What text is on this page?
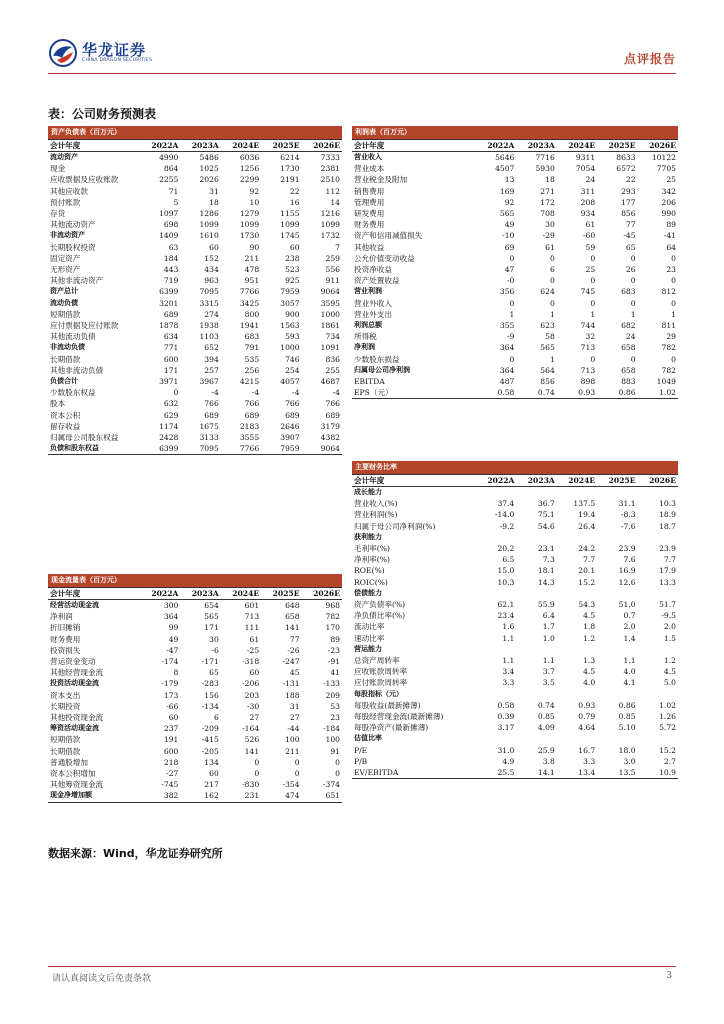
华龙证券
CHINA DRAGON SECURITIES	点评报告
表：公司财务预测表
资产负债表（百万元）
会计年度	2022A	2023A	2024E	2025E	2026E
流动资产	4990	5486	6036	6214	7333
现金	864	1025	1256	1730	2381
应收票据及应收账款	2255	2026	2299	2191	2510
其他应收款	71	31	92	22	112
预付账款	5	18	10	16	14
存货	1097	1286	1279	1155	1216
其他流动资产	698	1099	1099	1099	1099
非流动资产	1409	1610	1730	1745	1732
长期股权投资	63	60	90	60	7
固定资产	184	152	211	238	259
无形资产	443	434	478	523	556
其他非流动资产	719	963	951	925	911
资产总计	6399	7095	7766	7959	9064
流动负债	3201	3315	3425	3057	3595
短期借款	689	274	800	900	1000
应付票据及应付账款	1878	1938	1941	1563	1861
其他流动负债	634	1103	683	593	734
非流动负债	771	652	791	1000	1091
长期借款	600	394	535	746	836
其他非流动负债	171	257	256	254	255
负债合计	3971	3967	4215	4057	4687
少数股东权益	0	-4	-4	-4	-4
股本	632	766	766	766	766
资本公积	629	689	689	689	689
留存收益	1174	1675	2183	2646	3179
归属母公司股东权益	2428	3133	3555	3907	4382
负债和股东权益	6399	7095	7766	7959	9064
利润表（百万元）
会计年度	2022A	2023A	2024E	2025E	2026E
营业收入	5646	7716	9311	8633	10122
营业成本	4507	5930	7054	6572	7705
营业税金及附加	13	18	24	22	25
销售费用	169	271	311	293	342
管理费用	92	172	208	177	206
研发费用	565	708	934	856	990
财务费用	49	30	61	77	89
资产和信用减值损失	-10	-29	-60	-45	-41
其他收益	69	61	59	65	64
公允价值变动收益	0	0	0	0	0
投资净收益	47	6	25	26	23
资产处置收益	-0	0	0	0	0
营业利润	356	624	745	683	812
营业外收入	0	0	0	0	0
营业外支出	1	1	1	1	1
利润总额	355	623	744	682	811
所得税	-9	58	32	24	29
净利润	364	565	713	658	782
少数股东损益	0	1	0	0	0
归属母公司净利润	364	564	713	658	782
EBITDA	487	856	898	883	1049
EPS（元）	0.58	0.74	0.93	0.86	1.02
主要财务比率
会计年度	2022A	2023A	2024E	2025E	2026E
成长能力					
营业收入(%)	37.4	36.7	137.5	31.1	10.3
营业利润(%)	-14.0	75.1	19.4	-8.3	18.9
归属于母公司净利润(%)	-9.2	54.6	26.4	-7.6	18.7
获利能力					
毛利率(%)	20.2	23.1	24.2	23.9	23.9
净利率(%)	6.5	7.3	7.7	7.6	7.7
ROE(%)	15.0	18.1	20.1	16.9	17.9
ROIC(%)	10.3	14.3	15.2	12.6	13.3
偿债能力					
资产负债率(%)	62.1	55.9	54.3	51.0	51.7
净负债比率(%)	23.4	6.4	4.5	0.7	-9.5
流动比率	1.6	1.7	1.8	2.0	2.0
速动比率	1.1	1.0	1.2	1.4	1.5
营运能力					
总资产周转率	1.1	1.1	1.3	1.1	1.2
应收账款周转率	3.4	3.7	4.5	4.0	4.5
应付账款周转率	3.3	3.5	4.0	4.1	5.0
每股指标（元）					
每股收益(最新摊薄)	0.58	0.74	0.93	0.86	1.02
每股经营现金流(最新摊薄)	0.39	0.85	0.79	0.85	1.26
每股净资产(最新摊薄)	3.17	4.09	4.64	5.10	5.72
估值比率					
P/E	31.0	25.9	16.7	18.0	15.2
P/B	4.9	3.8	3.3	3.0	2.7
EV/EBITDA	25.5	14.1	13.4	13.5	10.9
现金流量表（百万元）
会计年度	2022A	2023A	2024E	2025E	2026E
经营活动现金流	300	654	601	648	968
净利润	364	565	713	658	782
折旧摊销	99	171	111	141	170
财务费用	49	30	61	77	89
投资损失	-47	-6	-25	-26	-23
营运资金变动	-174	-171	-318	-247	-91
其他经营现金流	8	65	60	45	41
投资活动现金流	-179	-283	-206	-131	-133
资本支出	173	156	203	188	209
长期投资	-66	-134	-30	31	53
其他投资现金流	60	6	27	27	23
筹资活动现金流	237	-209	-164	-44	-184
短期借款	191	-415	526	100	100
长期借款	600	-205	141	211	91
普通股增加	218	134	0	0	0
资本公积增加	-27	60	0	0	0
其他筹资现金流	-745	217	-830	-354	-374
现金净增加额	382	162	231	474	651
数据来源：Wind，华龙证券研究所
请认真阅读文后免责条款	3
